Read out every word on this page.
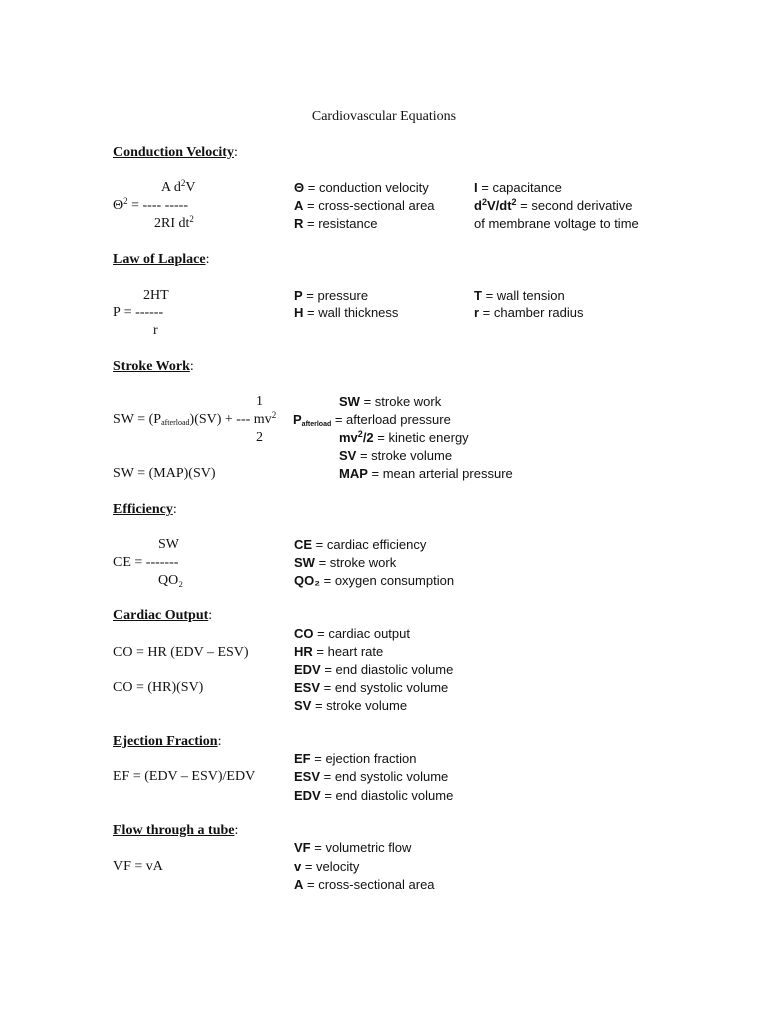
Cardiovascular Equations
Conduction Velocity:
A $d^2V$
$\Theta^2$ = ---- -----
2RI $dt^2$
Θ = conduction velocity
A = cross-sectional area
R = resistance
I = capacitance
$d^2V/dt^2$ = second derivative
of membrane voltage to time
Law of Laplace:
2HT
P = ------
r
P = pressure
H = wall thickness
T = wall tension
r = chamber radius
Stroke Work:
1
SW = $(P_{afterload})(SV)$ + --- $mv^2$
2
SW = (MAP)(SV)
SW = stroke work
$P_{afterload}$ = afterload pressure
$mv^2/2$ = kinetic energy
SV = stroke volume
MAP = mean arterial pressure
Efficiency:
SW
CE = -------
QO₂
CE = cardiac efficiency
SW = stroke work
QO₂ = oxygen consumption
Cardiac Output:
CO = HR (EDV – ESV)
CO = (HR)(SV)
CO = cardiac output
HR = heart rate
EDV = end diastolic volume
ESV = end systolic volume
SV = stroke volume
Ejection Fraction:
EF = (EDV – ESV)/EDV
EF = ejection fraction
ESV = end systolic volume
EDV = end diastolic volume
Flow through a tube:
VF = vA
VF = volumetric flow
v = velocity
A = cross-sectional area
